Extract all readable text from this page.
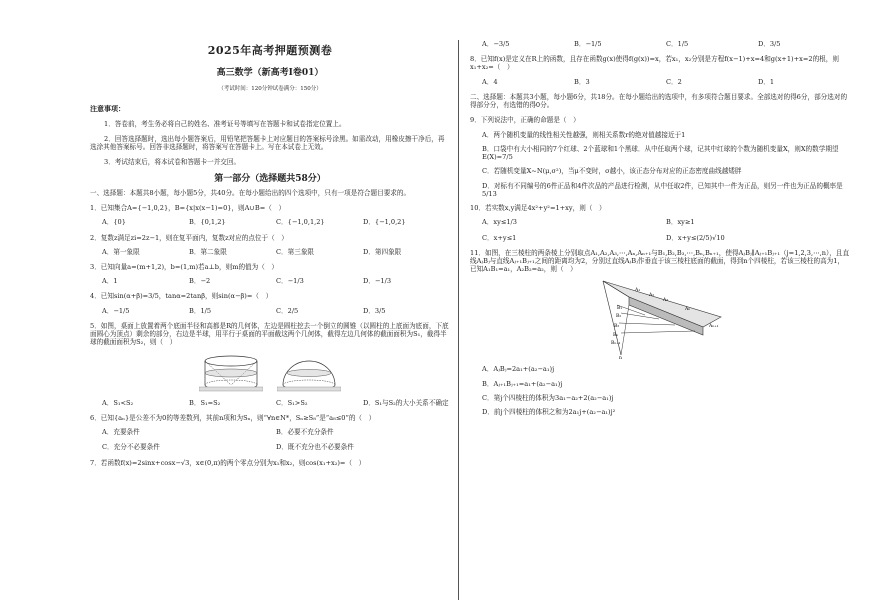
2025年高考押题预测卷
高三数学（新高考Ⅰ卷01）
（考试时间：120分钟试卷满分：150分）
注意事项：
1．答卷前，考生务必将自己的姓名、准考证号等填写在答题卡和试卷指定位置上。
2．回答选择题时，选出每小题答案后，用铅笔把答题卡上对应题目的答案标号涂黑。如需改动，用橡皮擦干净后，再选涂其他答案标号。回答非选择题时，将答案写在答题卡上。写在本试卷上无效。
3．考试结束后，将本试卷和答题卡一并交回。
第一部分（选择题共58分）
一、选择题：本题共8小题，每小题5分，共40分。在每小题给出的四个选项中，只有一项是符合题目要求的。
1．已知集合A={−1,0,2}，B={x|x(x−1)=0}，则A∪B=（　）
A．{0}	B．{0,1,2}	C．{−1,0,1,2}	D．{−1,0,2}
2．复数z满足zi=2z−1，则在复平面内，复数z对应的点位于（　）
A．第一象限	B．第二象限	C．第三象限	D．第四象限
3．已知向量a=(m+1,2)，b=(1,m)若a⊥b，则m的值为（　）
A．1	B．−2	C．−1/3	D．−1/3
4．已知sin(α+β)=3/5，tanα=2tanβ，则sin(α−β)=（　）
A．−1/5	B．1/5	C．2/5	D．3/5
5．如图，桌面上放置着两个底面半径和高都是R的几何体，左边是圆柱挖去一个倒立的圆锥（以圆柱的上底面为底面，下底面圆心为顶点）剩余的部分，右边是半球，用平行于桌面的平面截这两个几何体，截得左边几何体的截面面积为S₁，截得半球的截面面积为S₂，则（　）
A．S₁<S₂	B．S₁=S₂	C．S₁>S₂	D．S₁与S₂的大小关系不确定
6．已知{aₙ}是公差不为0的等差数列，其前n项和为Sₙ，则“∀n∈N*，Sₙ≥S₈”是“a₈≤0”的（　）
A．充要条件	B．必要不充分条件
C．充分不必要条件	D．既不充分也不必要条件
7．若函数f(x)=2sinx+cosx−√3，x∈(0,π)的两个零点分别为x₁和x₂，则cos(x₁+x₂)=（　）
A．−3/5	B．−1/5	C．1/5	D．3/5
8．已知f(x)是定义在R上的函数，且存在函数g(x)使得f(g(x))=x，若x₁，x₂分别是方程f(x−1)+x=4和g(x+1)+x=2的根，则x₁+x₂=（　）
A．4	B．3	C．2	D．1
二、选择题：本题共3小题，每小题6分，共18分。在每小题给出的选项中，有多项符合题目要求。全部选对的得6分，部分选对的得部分分，有选错的得0分。
9．下列说法中，正确的命题是（　）
A．两个随机变量的线性相关性越强，则相关系数r的绝对值越接近于1
B．口袋中有大小相同的7个红球、2个蓝球和1个黑球．从中任取两个球，记其中红球的个数为随机变量X，则X的数学期望E(X)=7/5
C．若随机变量X~N(μ,σ²)，当μ不变时，σ越小，该正态分布对应的正态密度曲线越矮胖
D．对标有不同编号的6件正品和4件次品的产品进行检测，从中任取2件，已知其中一件为正品，则另一件也为正品的概率是5/13
10．若实数x,y满足4x²+y²=1+xy，则（　）
A．xy≤1/3	B．xy≥1
C．x+y≤1	D．x+y≤(2/5)√10
11．如图，在三棱柱的两条棱上分别取点A₁,A₂,A₃,⋯,Aₙ,Aₙ₊₁与B₁,B₂,B₃,⋯,Bₙ,Bₙ₊₁，使得AⱼBⱼ∥Aⱼ₊₁Bⱼ₊₁（j=1,2,3,⋯,n），且直线AⱼBⱼ与直线Aⱼ₊₁Bⱼ₊₁之间的距离均为2，分别过直线AⱼBⱼ作垂直于该三棱柱底面的截面，得到n个四棱柱，若该三棱柱的高为1，已知A₁B₁=a₁，A₂B₂=a₂，则（　）
A₁
A₂
A₃
Aₙ
Aₙ₊₁
B₁
B₂
B₃
Bₙ
Bₙ₊₁
n
A．AⱼBⱼ=2a₁+(a₂−a₁)j
B．Aⱼ₊₁Bⱼ₊₁=a₁+(a₂−a₁)j
C．第j个四棱柱的体积为3a₁−a₂+2(a₂−a₁)j
D．前j个四棱柱的体积之和为2a₁j+(a₂−a₁)j²
